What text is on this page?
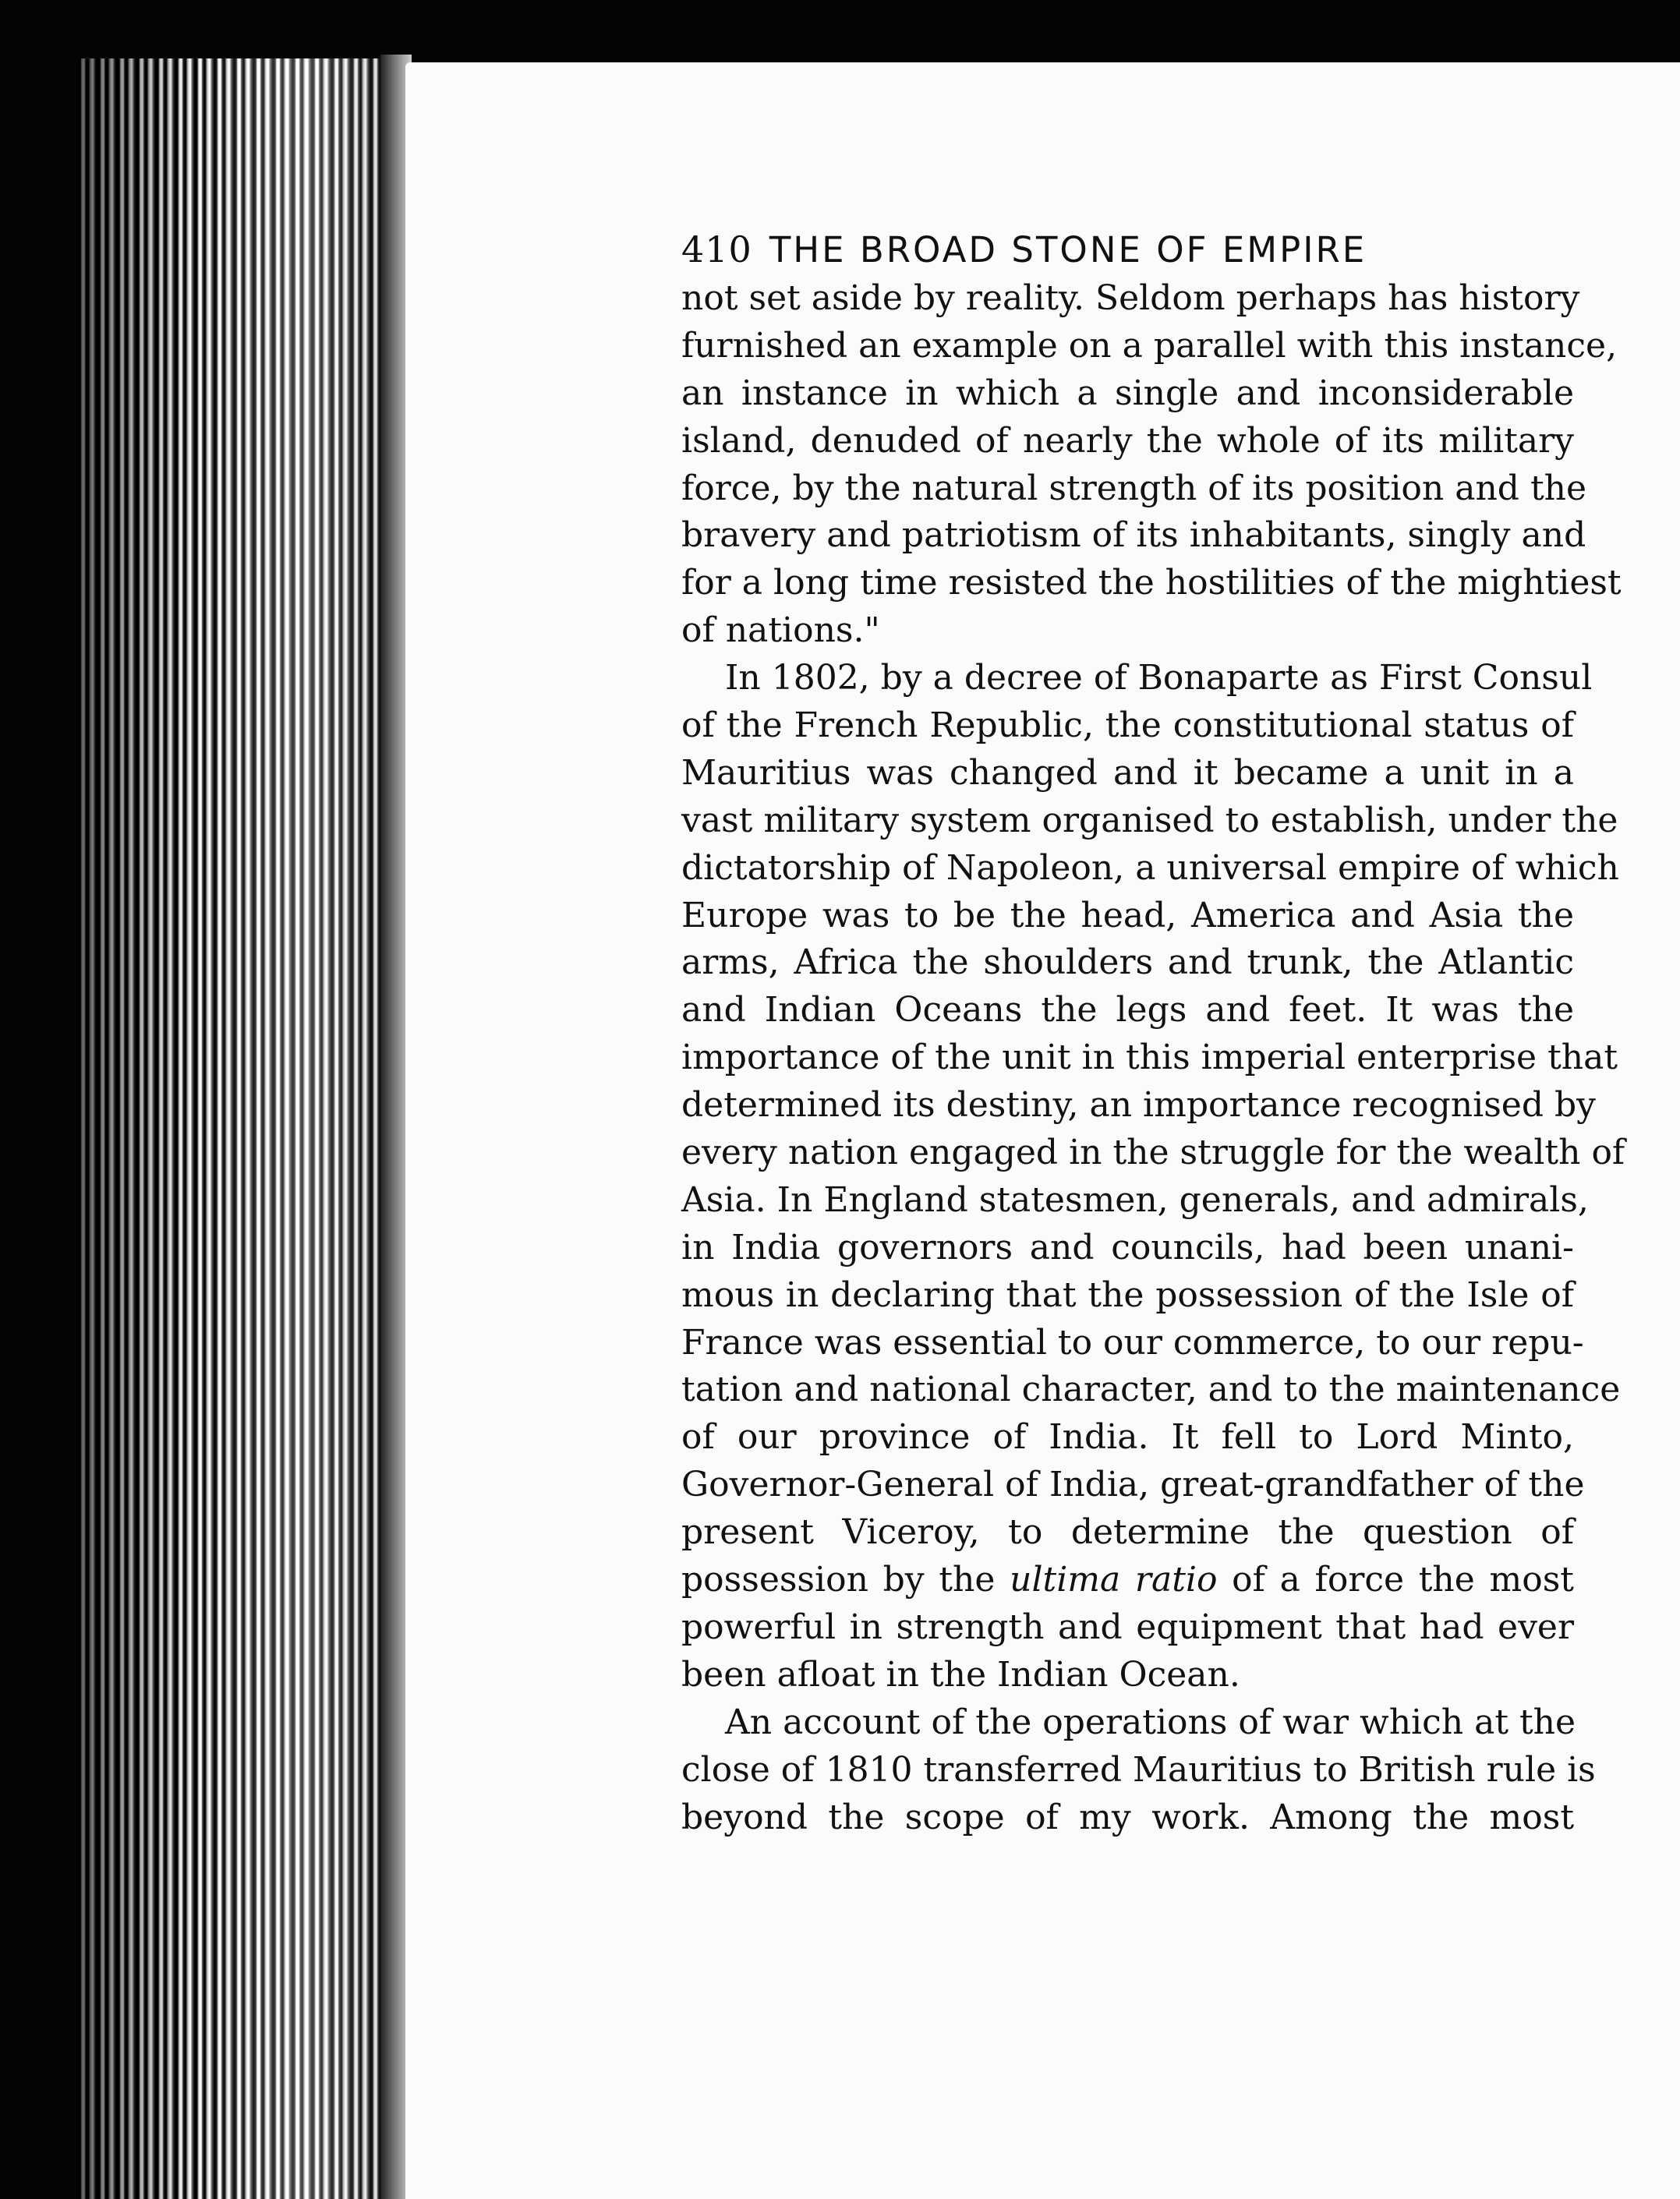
410 THE BROAD STONE OF EMPIRE
not set aside by reality. Seldom perhaps has history
furnished an example on a parallel with this instance,
an instance in which a single and inconsiderable
island, denuded of nearly the whole of its military
force, by the natural strength of its position and the
bravery and patriotism of its inhabitants, singly and
for a long time resisted the hostilities of the mightiest
of nations."
In 1802, by a decree of Bonaparte as First Consul
of the French Republic, the constitutional status of
Mauritius was changed and it became a unit in a
vast military system organised to establish, under the
dictatorship of Napoleon, a universal empire of which
Europe was to be the head, America and Asia the
arms, Africa the shoulders and trunk, the Atlantic
and Indian Oceans the legs and feet. It was the
importance of the unit in this imperial enterprise that
determined its destiny, an importance recognised by
every nation engaged in the struggle for the wealth of
Asia. In England statesmen, generals, and admirals,
in India governors and councils, had been unani-
mous in declaring that the possession of the Isle of
France was essential to our commerce, to our repu-
tation and national character, and to the maintenance
of our province of India. It fell to Lord Minto,
Governor-General of India, great-grandfather of the
present Viceroy, to determine the question of
possession by the ultima ratio of a force the most
powerful in strength and equipment that had ever
been afloat in the Indian Ocean.
An account of the operations of war which at the
close of 1810 transferred Mauritius to British rule is
beyond the scope of my work. Among the most
